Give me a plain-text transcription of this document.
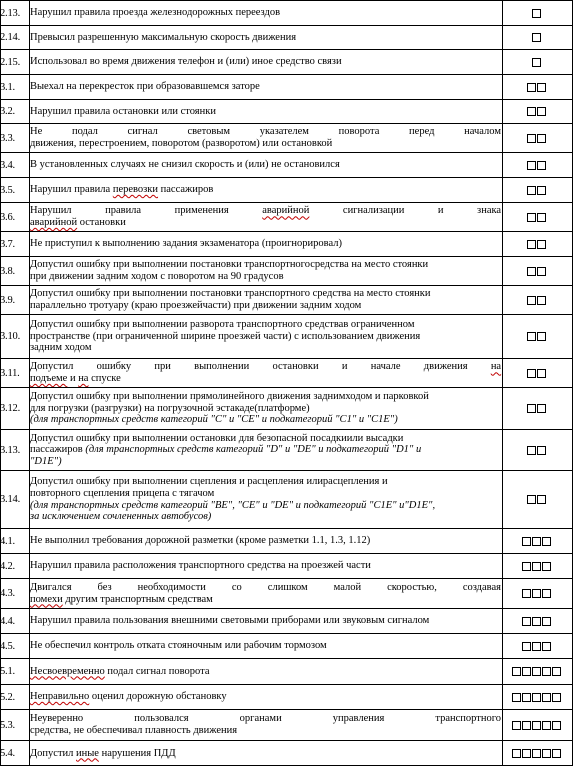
2.13. Нарушил правила проезда железнодорожных переездов
2.14. Превысил разрешенную максимальную скорость движения
2.15. Использовал во время движения телефон и (или) иное средство связи
3.1.	Выехал на перекресток при образовавшемся заторе
3.2.	Нарушил правила остановки или стоянки
3.3.
Не подал сигнал световым указателем поворота перед началом
движения, перестроением, поворотом (разворотом) или остановкой
3.4.	В установленных случаях не снизил скорость и (или) не остановился
3.5.	Нарушил правила перевозки пассажиров
3.6.
Нарушил	правила	применения	аварийной	сигнализации	и	знака
аварийной остановки
3.7.	Не приступил к выполнению задания экзаменатора (проигнорировал)
3.8.
Допустил ошибку при выполнении постановки транспортногосредства на место стоянки
при движении задним ходом с поворотом на 90 градусов
3.9.
Допустил ошибку при выполнении постановки транспортного средства на место стоянки
параллельно тротуару (краю проезжейчасти) при движении задним ходом
3.10.
Допустил ошибку при выполнении разворота транспортного средствав ограниченном
пространстве (при ограниченной ширине проезжей части) с использованием движения
задним ходом
3.11.
Допустил ошибку при выполнении остановки и начале движения на
подъеме и на спуске
3.12.
Допустил ошибку при выполнении прямолинейного движения заднимходом и парковкой
для погрузки (разгрузки) на погрузочной эстакаде(платформе)
(для транспортных средств категорий "C" и "CE" и подкатегорий "C1" и "C1E")
3.13.
Допустил ошибку при выполнении остановки для безопасной посадкиили высадки
пассажиров (для транспортных средств категорий "D" и "DE" и подкатегорий "D1" и
"D1E")
3.14.
Допустил ошибку при выполнении сцепления и расцепления илирасцепления и
повторного сцепления прицепа с тягачом
(для транспортных средств категорий "BE", "CE" и "DE" и подкатегорий "C1E" и"D1E",
за исключением сочлененных автобусов)
4.1.	Не выполнил требования дорожной разметки (кроме разметки 1.1, 1.3, 1.12)
4.2.	Нарушил правила расположения транспортного средства на проезжей части
4.3.
Двигался без необходимости со слишком малой скоростью, создавая
помехи другим транспортным средствам
4.4.	Нарушил правила пользования внешними световыми приборами или звуковым сигналом
4.5.	Не обеспечил контроль отката стояночным или рабочим тормозом
5.1.	Несвоевременно подал сигнал поворота
5.2.	Неправильно оценил дорожную обстановку
5.3.
Неуверенно пользовался органами управления транспортного
средства, не обеспечивал плавность движения
5.4.	Допустил иные нарушения ПДД
